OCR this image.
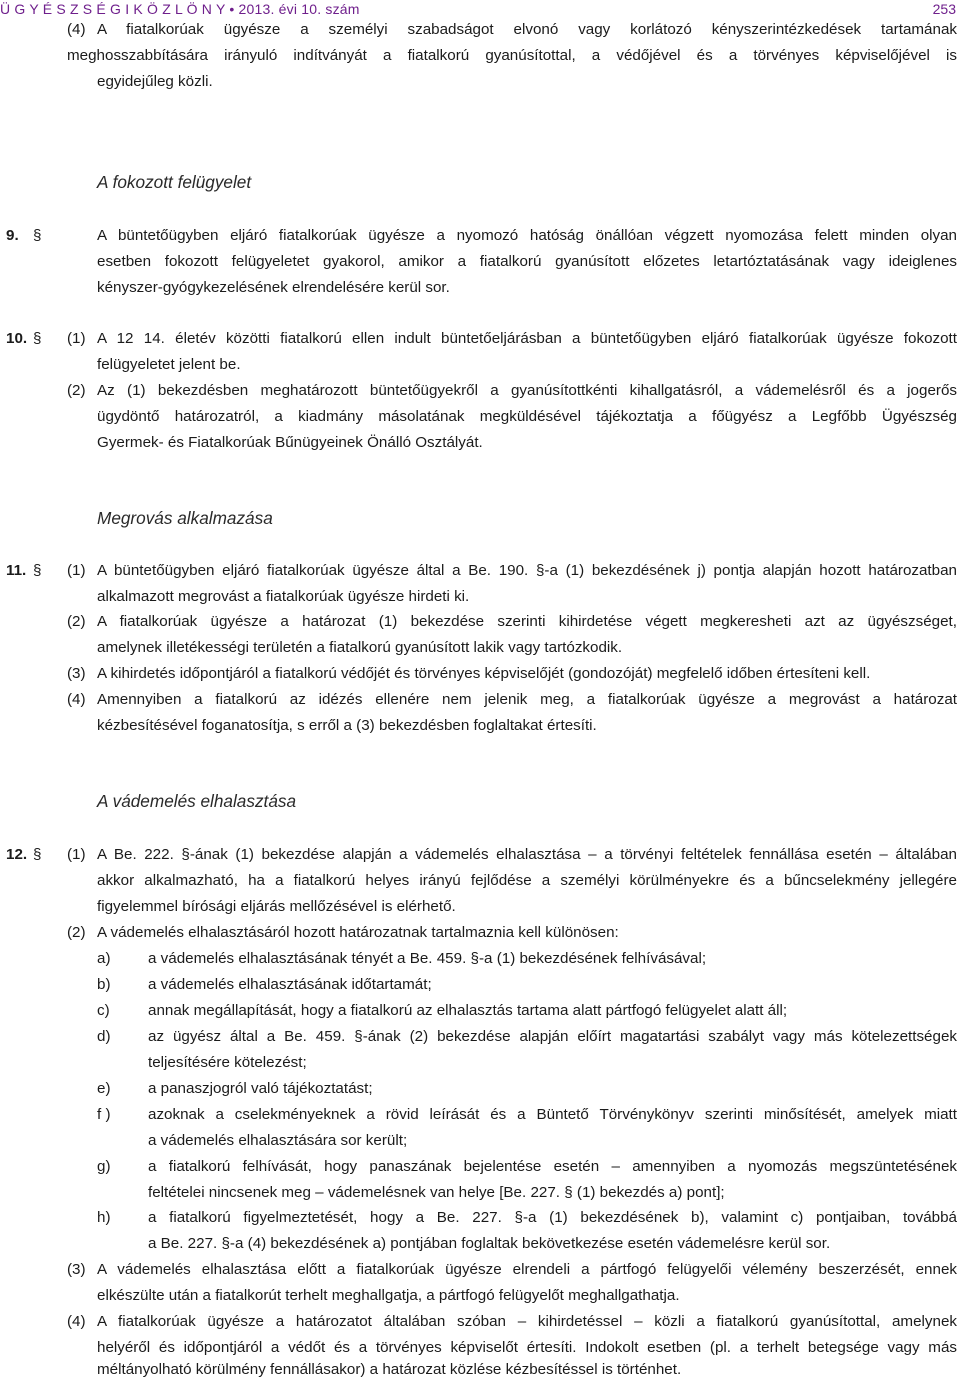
Ü G Y É S Z S É G I K Ö Z L Ö N Y • 2013. évi 10. szám	253
(4) A fiatalkorúak ügyésze a személyi szabadságot elvonó vagy korlátozó kényszerintézkedések tartamának
meghosszabbítására irányuló indítványát a fiatalkorú gyanúsítottal, a védőjével és a törvényes képviselőjével is
egyidejűleg közli.
A fokozott felügyelet
9. §	A büntetőügyben eljáró fiatalkorúak ügyésze a nyomozó hatóság önállóan végzett nyomozása felett minden olyan
esetben fokozott felügyeletet gyakorol, amikor a fiatalkorú gyanúsított előzetes letartóztatásának vagy ideiglenes
kényszer-gyógykezelésének elrendelésére kerül sor.
10. § (1) A 12 14. életév közötti fiatalkorú ellen indult büntetőeljárásban a büntetőügyben eljáró fiatalkorúak ügyésze fokozott
felügyeletet jelent be.
(2) Az (1) bekezdésben meghatározott büntetőügyekről a gyanúsítottkénti kihallgatásról, a vádemelésről és a jogerős
ügydöntő határozatról, a kiadmány másolatának megküldésével tájékoztatja a főügyész a Legfőbb Ügyészség
Gyermek- és Fiatalkorúak Bűnügyeinek Önálló Osztályát.
Megrovás alkalmazása
11. § (1) A büntetőügyben eljáró fiatalkorúak ügyésze által a Be. 190. §-a (1) bekezdésének j) pontja alapján hozott határozatban
alkalmazott megrovást a fiatalkorúak ügyésze hirdeti ki.
(2) A fiatalkorúak ügyésze a határozat (1) bekezdése szerinti kihirdetése végett megkeresheti azt az ügyészséget,
amelynek illetékességi területén a fiatalkorú gyanúsított lakik vagy tartózkodik.
(3) A kihirdetés időpontjáról a fiatalkorú védőjét és törvényes képviselőjét (gondozóját) megfelelő időben értesíteni kell.
(4) Amennyiben a fiatalkorú az idézés ellenére nem jelenik meg, a fiatalkorúak ügyésze a megrovást a határozat
kézbesítésével foganatosítja, s erről a (3) bekezdésben foglaltakat értesíti.
A vádemelés elhalasztása
12. § (1) A Be. 222. §-ának (1) bekezdése alapján a vádemelés elhalasztása – a törvényi feltételek fennállása esetén – általában
akkor alkalmazható, ha a fiatalkorú helyes irányú fejlődése a személyi körülményekre és a bűncselekmény jellegére
figyelemmel bírósági eljárás mellőzésével is elérhető.
(2) A vádemelés elhalasztásáról hozott határozatnak tartalmaznia kell különösen:
a) a vádemelés elhalasztásának tényét a Be. 459. §-a (1) bekezdésének felhívásával;
b) a vádemelés elhalasztásának időtartamát;
c)	annak megállapítását, hogy a fiatalkorú az elhalasztás tartama alatt pártfogó felügyelet alatt áll;
d) az ügyész által a Be. 459. §-ának (2) bekezdése alapján előírt magatartási szabályt vagy más kötelezettségek
teljesítésére kötelezést;
e) a panaszjogról való tájékoztatást;
f ) azoknak a cselekményeknek a rövid leírását és a Büntető Törvénykönyv szerinti minősítését, amelyek miatt
a vádemelés elhalasztására sor került;
g) a fiatalkorú felhívását, hogy panaszának bejelentése esetén – amennyiben a nyomozás megszüntetésének
feltételei nincsenek meg – vádemelésnek van helye [Be. 227. § (1) bekezdés a) pont];
h) a fiatalkorú figyelmeztetését, hogy a Be. 227. §-a (1) bekezdésének b), valamint c) pontjaiban, továbbá
a Be. 227. §-a (4) bekezdésének a) pontjában foglaltak bekövetkezése esetén vádemelésre kerül sor.
(3) A vádemelés elhalasztása előtt a fiatalkorúak ügyésze elrendeli a pártfogó felügyelői vélemény beszerzését, ennek
elkészülte után a fiatalkorút terhelt meghallgatja, a pártfogó felügyelőt meghallgathatja.
(4) A fiatalkorúak ügyésze a határozatot általában szóban – kihirdetéssel – közli a fiatalkorú gyanúsítottal, amelynek
helyéről és időpontjáról a védőt és a törvényes képviselőt értesíti. Indokolt esetben (pl. a terhelt betegsége vagy más
méltányolható körülmény fennállásakor) a határozat közlése kézbesítéssel is történhet.
